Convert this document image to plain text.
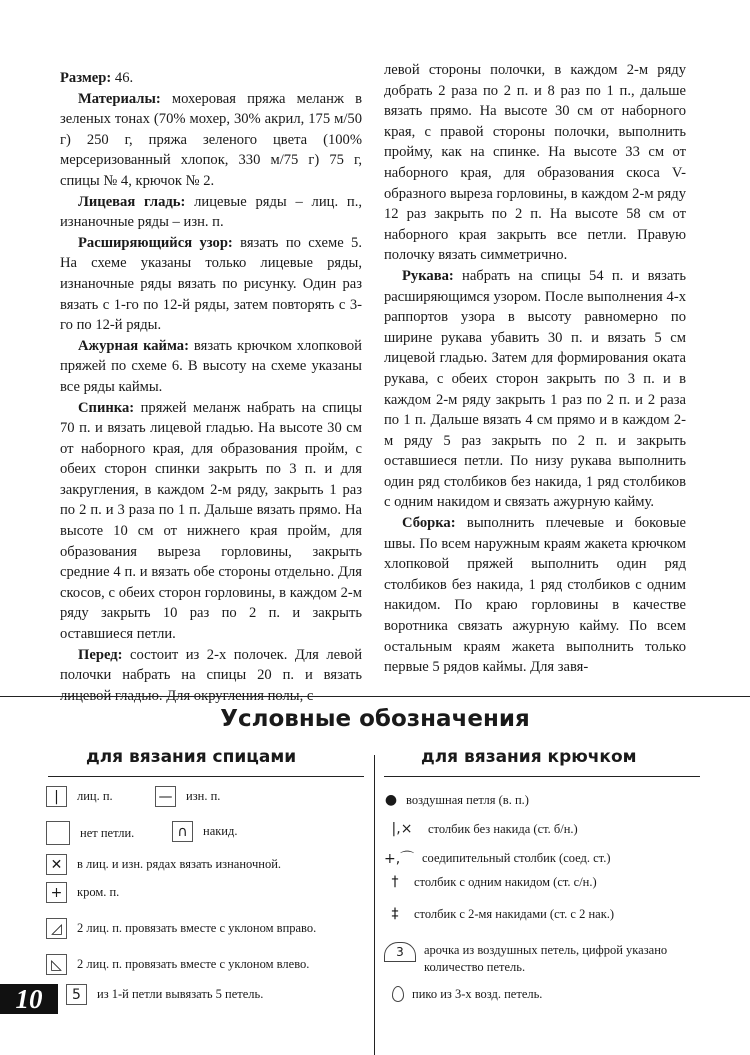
Размер: 46.

Материалы: мохеровая пряжа меланж в зеленых тонах (70% мохер, 30% акрил, 175 м/50 г) 250 г, пряжа зеленого цвета (100% мерсеризованный хлопок, 330 м/75 г) 75 г, спицы № 4, крючок № 2.

Лицевая гладь: лицевые ряды – лиц. п., изнаночные ряды – изн. п.

Расширяющийся узор: вязать по схеме 5. На схеме указаны только лицевые ряды, изнаночные ряды вязать по рисунку. Один раз вязать с 1-го по 12-й ряды, затем повторять с 3-го по 12-й ряды.

Ажурная кайма: вязать крючком хлопковой пряжей по схеме 6. В высоту на схеме указаны все ряды каймы.

Спинка: пряжей меланж набрать на спицы 70 п. и вязать лицевой гладью. На высоте 30 см от наборного края, для образования пройм, с обеих сторон спинки закрыть по 3 п. и для закругления, в каждом 2-м ряду, закрыть 1 раз по 2 п. и 3 раза по 1 п. Дальше вязать прямо. На высоте 10 см от нижнего края пройм, для образования выреза горловины, закрыть средние 4 п. и вязать обе стороны отдельно. Для скосов, с обеих сторон горловины, в каждом 2-м ряду закрыть 10 раз по 2 п. и закрыть оставшиеся петли.

Перед: состоит из 2-х полочек. Для левой полочки набрать на спицы 20 п. и вязать лицевой гладью. Для округления полы, с

левой стороны полочки, в каждом 2-м ряду добрать 2 раза по 2 п. и 8 раз по 1 п., дальше вязать прямо. На высоте 30 см от наборного края, с правой стороны полочки, выполнить пройму, как на спинке. На высоте 33 см от наборного края, для образования скоса V-образного выреза горловины, в каждом 2-м ряду 12 раз закрыть по 2 п. На высоте 58 см от наборного края закрыть все петли. Правую полочку вязать симметрично.

Рукава: набрать на спицы 54 п. и вязать расширяющимся узором. После выполнения 4-х раппортов узора в высоту равномерно по ширине рукава убавить 30 п. и вязать 5 см лицевой гладью. Затем для формирования оката рукава, с обеих сторон закрыть по 3 п. и в каждом 2-м ряду закрыть 1 раз по 2 п. и 2 раза по 1 п. Дальше вязать 4 см прямо и в каждом 2-м ряду 5 раз закрыть по 2 п. и закрыть оставшиеся петли. По низу рукава выполнить один ряд столбиков без накида, 1 ряд столбиков с одним накидом и связать ажурную кайму.

Сборка: выполнить плечевые и боковые швы. По всем наружным краям жакета крючком хлопковой пряжей выполнить один ряд столбиков без накида, 1 ряд столбиков с одним накидом. По краю горловины в качестве воротника связать ажурную кайму. По всем остальным краям жакета выполнить только первые 5 рядов каймы. Для завя-

Условные обозначения
для вязания спицами	для вязания крючком
|	лиц. п.	— изн. п.
нет петли.	∩	накид.
✕	в лиц. и изн. рядах вязать изнаночной.
+	кром. п.
◿	2 лиц. п. провязать вместе с уклоном вправо.
◺	2 лиц. п. провязать вместе с уклоном влево.
5	из 1-й петли вывязать 5 петель.
● воздушная петля (в. п.)
|,×	столбик без накида (ст. б/н.)
+,⌒ соедипительный столбик (соед. ст.)
†	столбик с одним накидом (ст. с/н.)
‡	столбик с 2-мя накидами (ст. с 2 нак.)
3	арочка из воздушных петель, цифрой указано количество петель.
пико из 3-х возд. петель.
10
